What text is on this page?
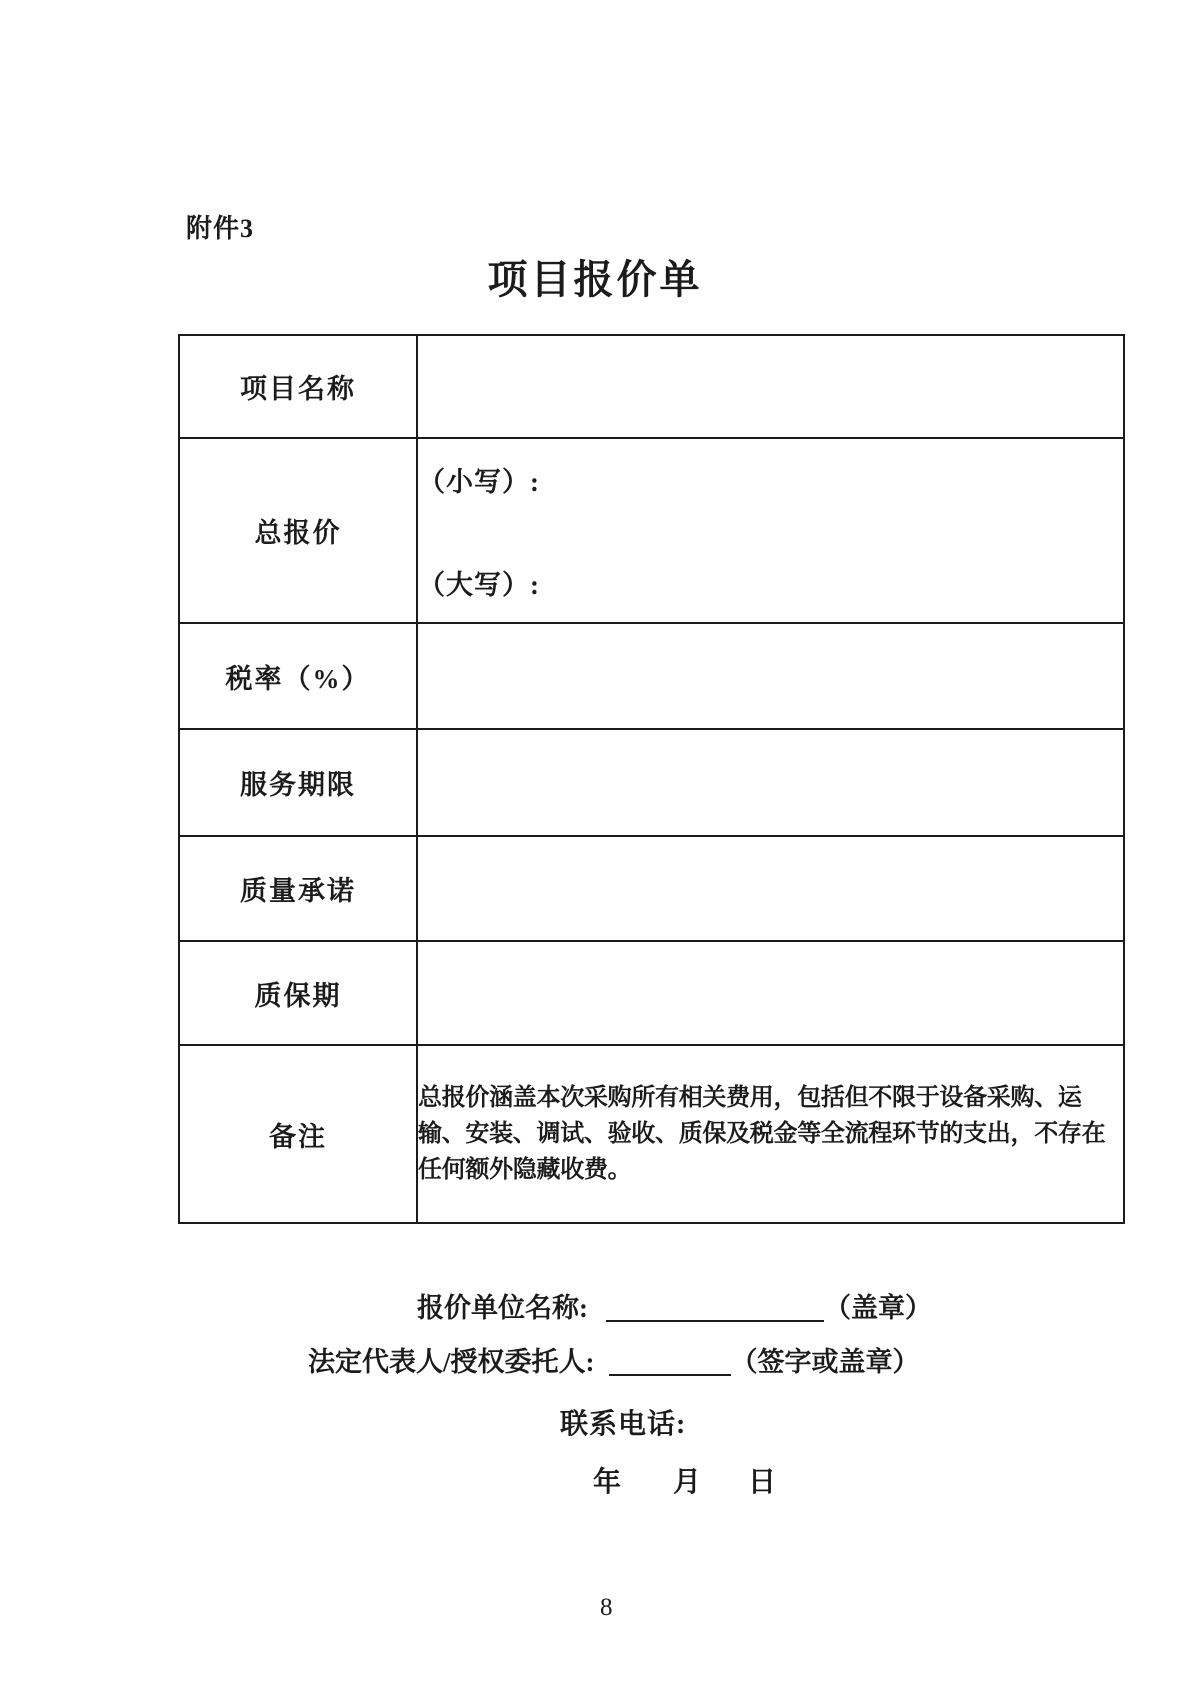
附件3
项目报价单
项目名称	
总报价	（小写）:
（大写）:

税率（%）	
服务期限	
质量承诺	
质保期	
备注	总报价涵盖本次采购所有相关费用，包括但不限于设备采购、运输、安装、调试、验收、质保及税金等全流程环节的支出，不存在任何额外隐藏收费。
报价单位名称:	（盖章）
法定代表人/授权委托人:	（签字或盖章）
联系电话:
年 月 日
8
